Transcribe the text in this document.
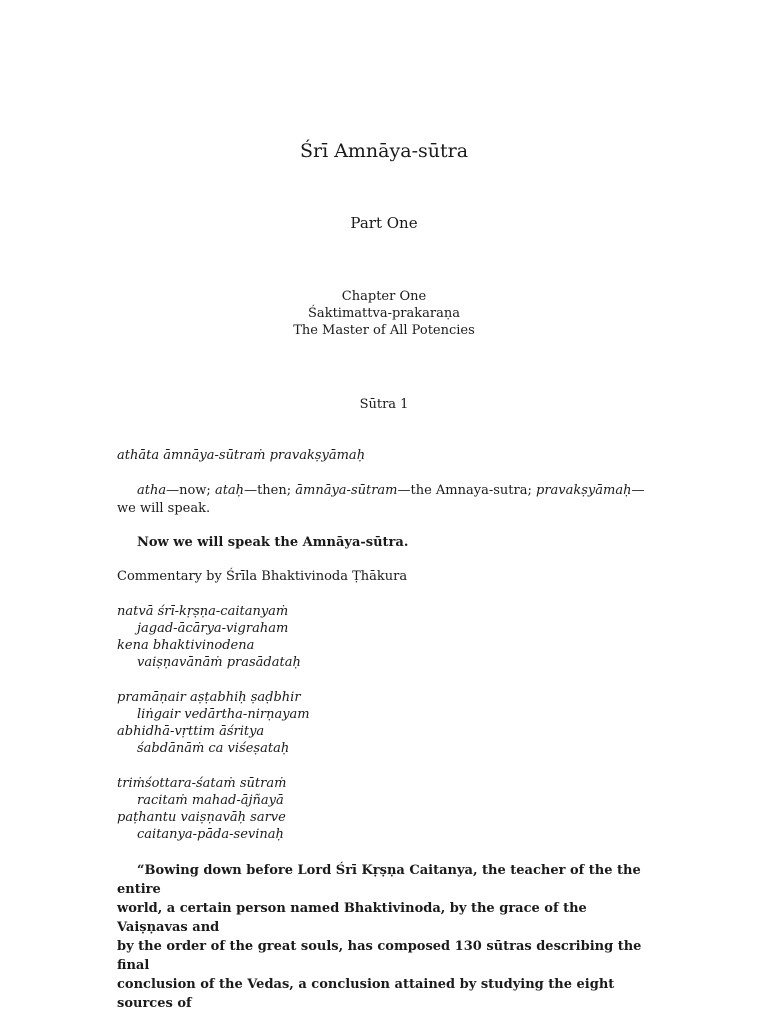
Śrī Amnāya-sūtra
Part One
Chapter One
Śaktimattva-prakaraṇa
The Master of All Potencies
Sūtra 1
athāta āmnāya-sūtraṁ pravakṣyāmaḥ
atha—now; ataḥ—then; āmnāya-sūtram—the Amnaya-sutra; pravakṣyāmaḥ—
we will speak.
Now we will speak the Amnāya-sūtra.
Commentary by Śrīla Bhaktivinoda Ṭhākura
natvā śrī-kṛṣṇa-caitanyaṁ
jagad-ācārya-vigraham
kena bhaktivinodena
vaiṣṇavānāṁ prasādataḥ
pramāṇair aṣṭabhiḥ ṣaḍbhir
liṅgair vedārtha-nirṇayam
abhidhā-vṛttim āśritya
śabdānāṁ ca viśeṣataḥ
triṁśottara-śataṁ sūtraṁ
racitaṁ mahad-ājñayā
paṭhantu vaiṣṇavāḥ sarve
caitanya-pāda-sevinaḥ
“Bowing down before Lord Śrī Kṛṣṇa Caitanya, the teacher of the the entire
world, a certain person named Bhaktivinoda, by the grace of the Vaiṣṇavas and
by the order of the great souls, has composed 130 sūtras describing the final
conclusion of the Vedas, a conclusion attained by studying the eight sources of
